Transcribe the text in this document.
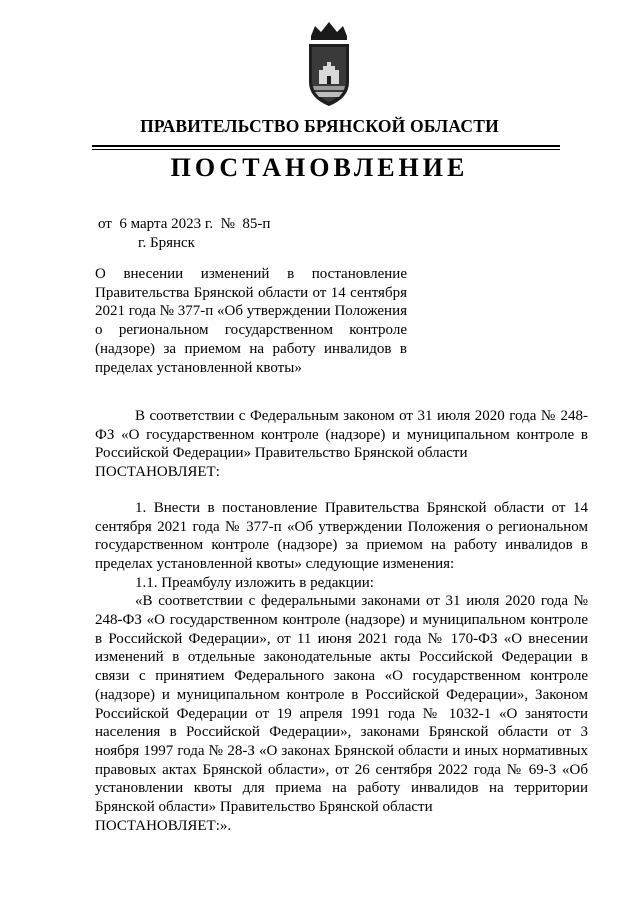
ПРАВИТЕЛЬСТВО БРЯНСКОЙ ОБЛАСТИ
ПОСТАНОВЛЕНИЕ
от  6 марта 2023 г.  №  85-п
г. Брянск
О внесении изменений в постановление Правительства Брянской области от 14 сентября 2021 года № 377-п «Об утверждении Положения о региональном государственном контроле (надзоре) за приемом на работу инвалидов в пределах установленной квоты»

В соответствии с Федеральным законом от 31 июля 2020 года № 248-ФЗ «О государственном контроле (надзоре) и муниципальном контроле в Российской Федерации» Правительство Брянской области

ПОСТАНОВЛЯЕТ:

1. Внести в постановление Правительства Брянской области от 14 сентября 2021 года № 377-п «Об утверждении Положения о региональном государственном контроле (надзоре) за приемом на работу инвалидов в пределах установленной квоты» следующие изменения:

1.1. Преамбулу изложить в редакции:

«В соответствии с федеральными законами от 31 июля 2020 года № 248-ФЗ «О государственном контроле (надзоре) и муниципальном контроле в Российской Федерации», от 11 июня 2021 года № 170-ФЗ «О внесении изменений в отдельные законодательные акты Российской Федерации в связи с принятием Федерального закона «О государственном контроле (надзоре) и муниципальном контроле в Российской Федерации», Законом Российской Федерации от 19 апреля 1991 года № 1032-1 «О занятости населения в Российской Федерации», законами Брянской области от 3 ноября 1997 года № 28-З «О законах Брянской области и иных нормативных правовых актах Брянской области», от 26 сентября 2022 года № 69-З «Об установлении квоты для приема на работу инвалидов на территории Брянской области» Правительство Брянской области

ПОСТАНОВЛЯЕТ:».
